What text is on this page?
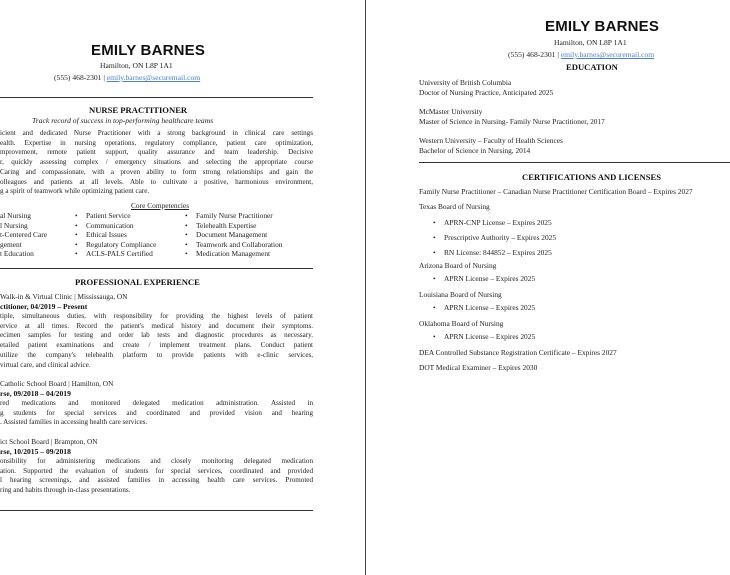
EMILY BARNES
Hamilton, ON L8P 1A1
(555) 468-2301 | emily.barnes@securemail.com
NURSE PRACTITIONER
Track record of success in top-performing healthcare teams
icient and dedicated Nurse Practitioner with a strong background in clinical care settings
ealth. Expertise in nursing operations, regulatory compliance, patient care optimization,
mprovement, remote patient support, quality assurance and team leadership. Decisive
r, quickly assessing complex / emergency situations and selecting the appropriate course
Caring and compassionate, with a proven ability to form strong relationships and gain the
olleagues and patients at all levels. Able to cultivate a positive, harmonious environment,
g a spirit of teamwork while optimizing patient care.
Core Competencies
al Nursing
l Nursing
t-Centered Care
gement
t Education
• Patient Service
• Communication
• Ethical Issues
• Regulatory Compliance
• ACLS-PALS Certified
• Family Nurse Practitioner
• Telehealth Expertise
• Document Management
• Teamwork and Collaboration
• Medication Management
PROFESSIONAL EXPERIENCE
Walk-in & Virtual Clinic | Mississauga, ON
ctitioner, 04/2019 – Present
tiple, simultaneous duties, with responsibility for providing the highest levels of patient
ervice at all times. Record the patient's medical history and document their symptoms.
ecimen samples for testing and order lab tests and diagnostic procedures as necessary.
etailed patient examinations and create / implement treatment plans. Conduct patient
utilize the company's telehealth platform to provide patients with e-clinic services,
virtual care, and clinical advice.
Catholic School Board | Hamilton, ON
rse, 09/2018 – 04/2019
red medications and monitored delegated medication administration. Assisted in
g students for special services and coordinated and provided vision and hearing
. Assisted families in accessing health care services.
ict School Board | Brampton, ON
rse, 10/2015 – 09/2018
onsibility for administering medications and closely monitoring delegated medication
ation. Supported the evaluation of students for special services, coordinated and provided
l hearing screenings, and assisted families in accessing health care services. Promoted
ring and habits through in-class presentations.
EMILY BARNES
Hamilton, ON L8P 1A1
(555) 468-2301 | emily.barnes@securemail.com
EDUCATION
University of British Columbia
Doctor of Nursing Practice, Anticipated 2025
McMaster University
Master of Science in Nursing- Family Nurse Practitioner, 2017
Western University – Faculty of Health Sciences
Bachelor of Science in Nursing, 2014
CERTIFICATIONS AND LICENSES
Family Nurse Practitioner – Canadian Nurse Practitioner Certification Board – Expires 2027
Texas Board of Nursing
• APRN-CNP License – Expires 2025
• Prescriptive Authority – Expires 2025
• RN License: 844852 – Expires 2025
Arizona Board of Nursing
• APRN License – Expires 2025
Louisiana Board of Nursing
• APRN License – Expires 2025
Oklahoma Board of Nursing
• APRN License – Expires 2025
DEA Controlled Substance Registration Certificate – Expires 2027
DOT Medical Examiner – Expires 2030
